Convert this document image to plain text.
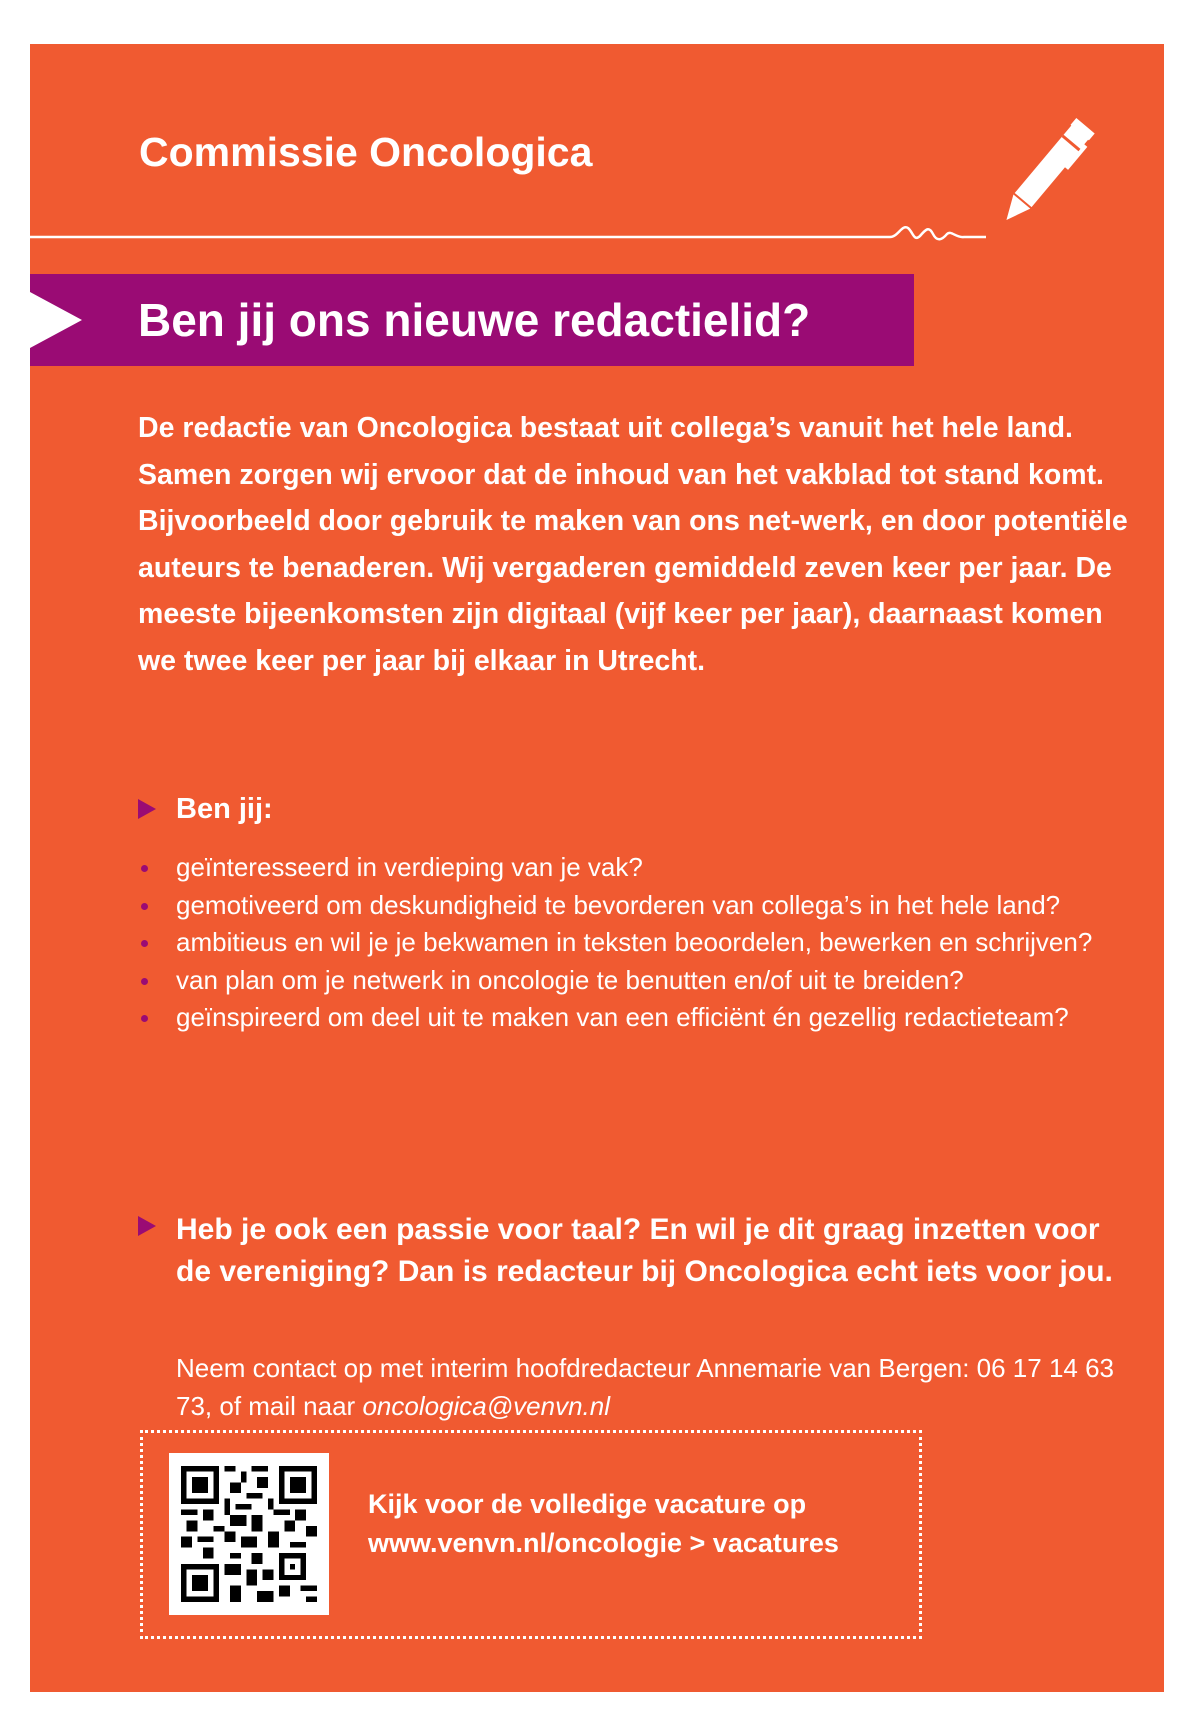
Commissie Oncologica
Ben jij ons nieuwe redactielid?

De redactie van Oncologica bestaat uit collega’s vanuit het hele land. Samen zorgen wij ervoor dat de inhoud van het vakblad tot stand komt. Bijvoorbeeld door gebruik te maken van ons net-werk, en door potentiële auteurs te benaderen. Wij vergaderen gemiddeld zeven keer per jaar. De meeste bijeenkomsten zijn digitaal (vijf keer per jaar), daarnaast komen we twee keer per jaar bij elkaar in Utrecht.

Ben jij:
geïnteresseerd in verdieping van je vak?
gemotiveerd om deskundigheid te bevorderen van collega’s in het hele land?
ambitieus en wil je je bekwamen in teksten beoordelen, bewerken en schrijven?
van plan om je netwerk in oncologie te benutten en/of uit te breiden?
geïnspireerd om deel uit te maken van een efficiënt én gezellig redactieteam?

Heb je ook een passie voor taal? En wil je dit graag inzetten voor de vereniging? Dan is redacteur bij Oncologica echt iets voor jou.

Neem contact op met interim hoofdredacteur Annemarie van Bergen: 06 17 14 63 73, of mail naar oncologica@venvn.nl

Kijk voor de volledige vacature op
www.venvn.nl/oncologie > vacatures
